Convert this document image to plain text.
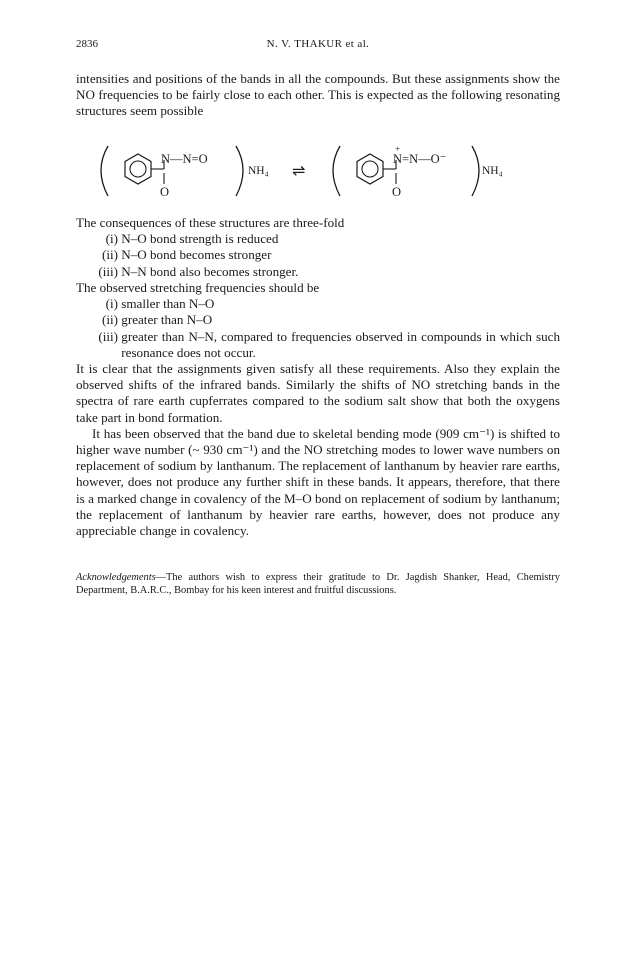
2836	N. V. THAKUR et al.
intensities and positions of the bands in all the compounds. But these assignments show the NO frequencies to be fairly close to each other. This is expected as the following resonating structures seem possible
N—N=O
O
NH₄ ⇌
+
N=N—O⁻
O
NH₄

The consequences of these structures are three-fold

(i)
N–O bond strength is reduced
(ii)
N–O bond becomes stronger
(iii)
N–N bond also becomes stronger.

The observed stretching frequencies should be

(i)
smaller than N–O
(ii)
greater than N–O
(iii)
greater than N–N, compared to frequencies observed in compounds in which such resonance does not occur.
It is clear that the assignments given satisfy all these requirements. Also they explain the observed shifts of the infrared bands. Similarly the shifts of NO stretching bands in the spectra of rare earth cupferrates compared to the sodium salt show that both the oxygens take part in bond formation.
It has been observed that the band due to skeletal bending mode (909 cm⁻¹) is shifted to higher wave number (~ 930 cm⁻¹) and the NO stretching modes to lower wave numbers on replacement of sodium by lanthanum. The replacement of lanthanum by heavier rare earths, however, does not produce any further shift in these bands. It appears, therefore, that there is a marked change in covalency of the M–O bond on replacement of sodium by lanthanum; the replacement of lanthanum by heavier rare earths, however, does not produce any appreciable change in covalency.
Acknowledgements—The authors wish to express their gratitude to Dr. Jagdish Shanker, Head, Chemistry Department, B.A.R.C., Bombay for his keen interest and fruitful discussions.
